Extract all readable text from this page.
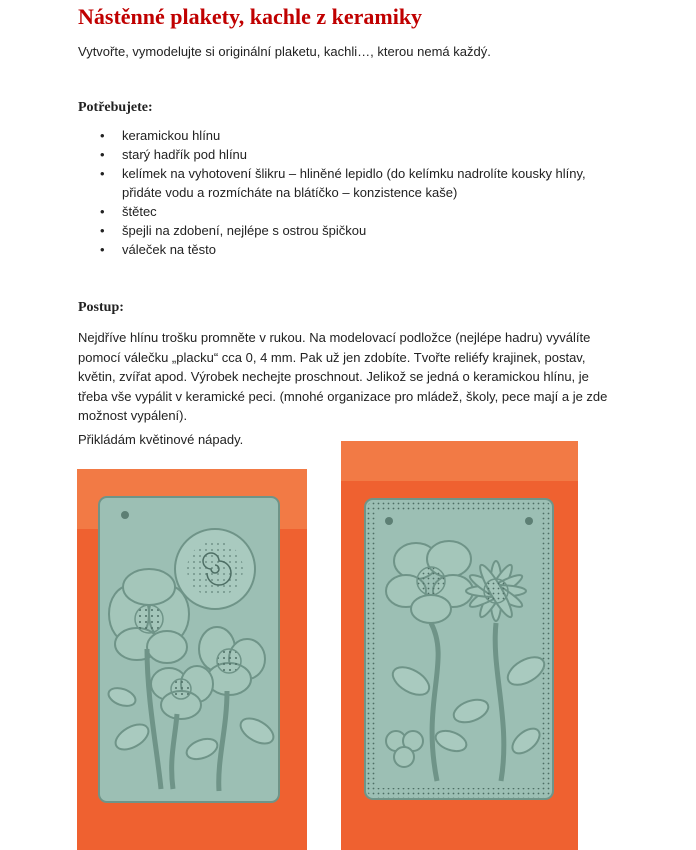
Nástěnné plakety, kachle z keramiky
Vytvořte, vymodelujte si originální plaketu, kachli…, kterou nemá každý.
Potřebujete:
• keramickou hlínu
• starý hadřík pod hlínu
• kelímek na vyhotovení šlikru – hliněné lepidlo (do kelímku nadrolíte kousky hlíny, přidáte vodu a rozmícháte na blátíčko – konzistence kaše)
• štětec
• špejli na zdobení, nejlépe s ostrou špičkou
• váleček na těsto
Postup:
Nejdříve hlínu trošku promněte v rukou. Na modelovací podložce (nejlépe hadru) vyválíte pomocí válečku „placku“ cca 0, 4 mm. Pak už jen zdobíte. Tvořte reliéfy krajinek, postav, květin, zvířat apod. Výrobek nechejte proschnout. Jelikož se jedná o keramickou hlínu, je třeba vše vypálit v keramické peci. (mnohé organizace pro mládež, školy, pece mají a je zde možnost vypálení).
Přikládám květinové nápady.
